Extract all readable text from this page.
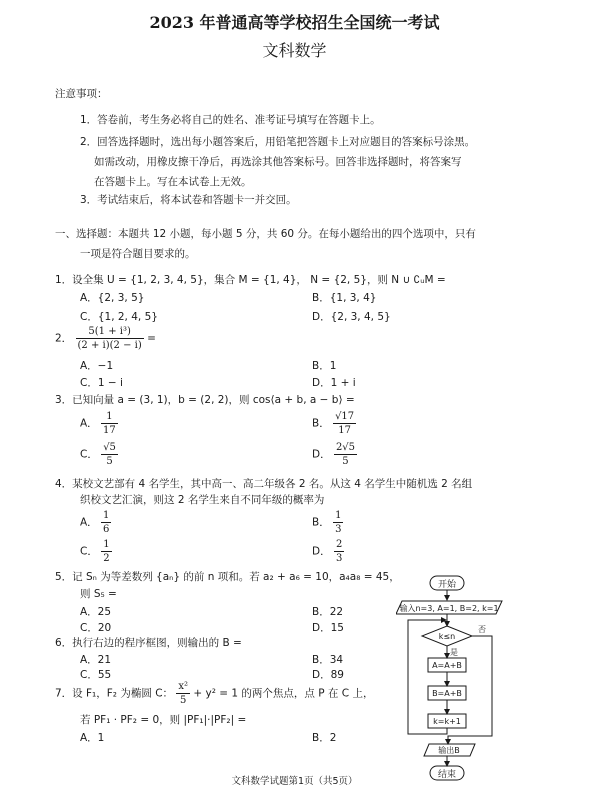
2023 年普通高等学校招生全国统一考试
文科数学
注意事项：
1．答卷前，考生务必将自己的姓名、准考证号填写在答题卡上。
2．回答选择题时，选出每小题答案后，用铅笔把答题卡上对应题目的答案标号涂黑。
如需改动，用橡皮擦干净后，再选涂其他答案标号。回答非选择题时，将答案写
在答题卡上。写在本试卷上无效。
3．考试结束后，将本试卷和答题卡一并交回。
一、选择题：本题共 12 小题，每小题 5 分，共 60 分。在每小题给出的四个选项中，只有
一项是符合题目要求的。
1．设全集 U = {1, 2, 3, 4, 5}，集合 M = {1, 4}， N = {2, 5}，则 N ∪ ∁ᵤM =
A．{2, 3, 5}	B．{1, 3, 4}
C．{1, 2, 4, 5}	D．{2, 3, 4, 5}
2． $\frac{\text{5(1 + i³)}}{(2 + i)(2 - i)}$ =
A．−1	B．1
C．1 − i	D．1 + i
3．已知向量 a = (3, 1)，b = (2, 2)，则 cos⟨a + b, a − b⟩ =
A． $\frac{1}{17}$	B． $\frac{√17}{17}$
C． $\frac{√5}{5}$	D． $\frac{2√5}{5}$
4．某校文艺部有 4 名学生，其中高一、高二年级各 2 名。从这 4 名学生中随机选 2 名组
织校文艺汇演，则这 2 名学生来自不同年级的概率为
A． $\frac{1}{6}$	B． $\frac{1}{3}$
C． $\frac{1}{2}$	D． $\frac{2}{3}$
5．记 Sₙ 为等差数列 {aₙ} 的前 n 项和。若 a₂ + a₆ = 10，a₄a₈ = 45，
则 S₅ =
A．25	B．22
C．20	D．15
6．执行右边的程序框图，则输出的 B =
A．21	B．34
C．55	D．89
7．设 F₁，F₂ 为椭圆 C： $\frac{\text{x²}}{5} + y^2 = 1$ 的两个焦点，点 P 在 C 上，
若 PF₁ · PF₂ = 0，则 |PF₁|·|PF₂| =
A．1	B．2
开始
输入n=3, A=1, B=2, k=1
k≤n
是
否
A=A+B
B=A+B
k=k+1
输出B
结束
文科数学试题第1页（共5页）
